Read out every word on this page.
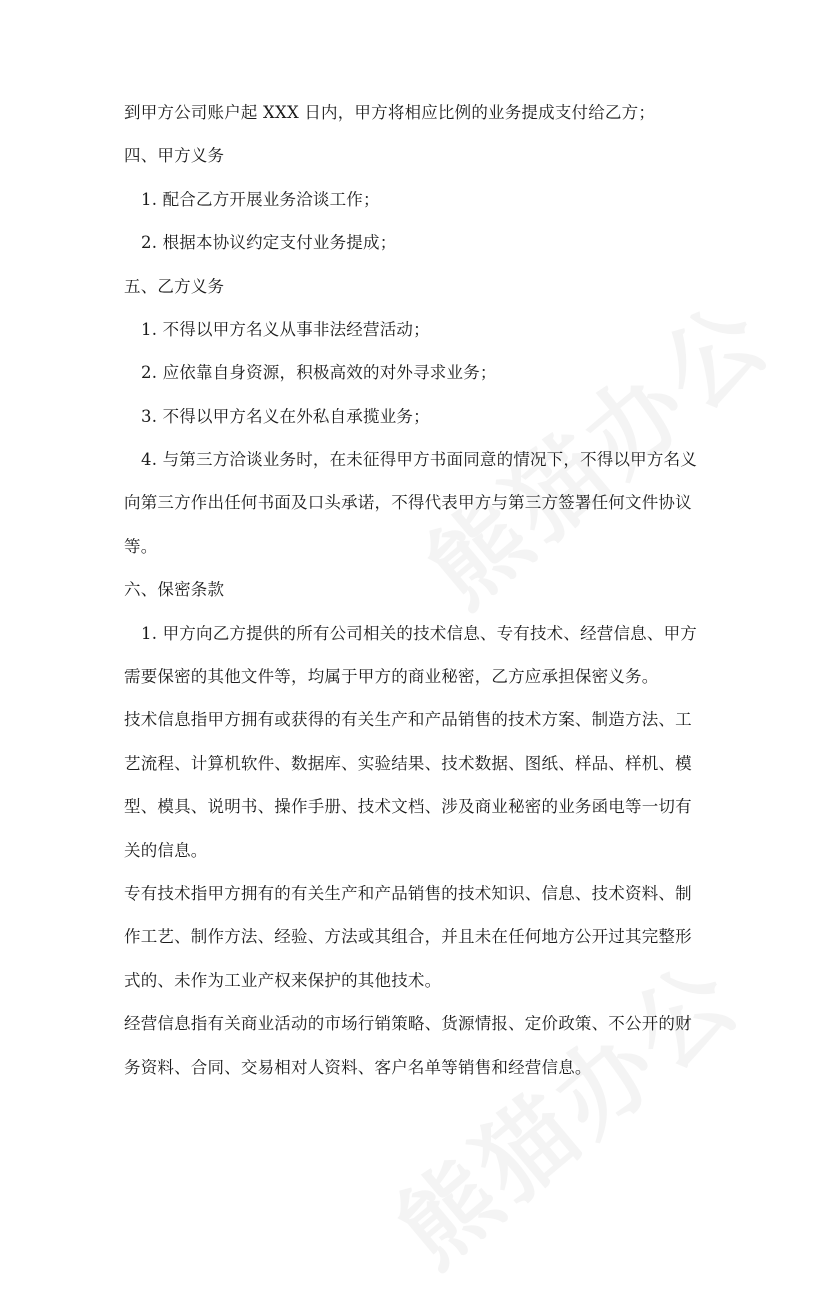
到甲方公司账户起 XXX 日内，甲方将相应比例的业务提成支付给乙方；
四、甲方义务
1. 配合乙方开展业务洽谈工作；
2. 根据本协议约定支付业务提成；
五、乙方义务
1. 不得以甲方名义从事非法经营活动；
2. 应依靠自身资源，积极高效的对外寻求业务；
3. 不得以甲方名义在外私自承揽业务；
4. 与第三方洽谈业务时，在未征得甲方书面同意的情况下，不得以甲方名义
向第三方作出任何书面及口头承诺，不得代表甲方与第三方签署任何文件协议
等。
六、保密条款
1. 甲方向乙方提供的所有公司相关的技术信息、专有技术、经营信息、甲方
需要保密的其他文件等，均属于甲方的商业秘密，乙方应承担保密义务。
技术信息指甲方拥有或获得的有关生产和产品销售的技术方案、制造方法、工
艺流程、计算机软件、数据库、实验结果、技术数据、图纸、样品、样机、模
型、模具、说明书、操作手册、技术文档、涉及商业秘密的业务函电等一切有
关的信息。
专有技术指甲方拥有的有关生产和产品销售的技术知识、信息、技术资料、制
作工艺、制作方法、经验、方法或其组合，并且未在任何地方公开过其完整形
式的、未作为工业产权来保护的其他技术。
经营信息指有关商业活动的市场行销策略、货源情报、定价政策、不公开的财
务资料、合同、交易相对人资料、客户名单等销售和经营信息。
